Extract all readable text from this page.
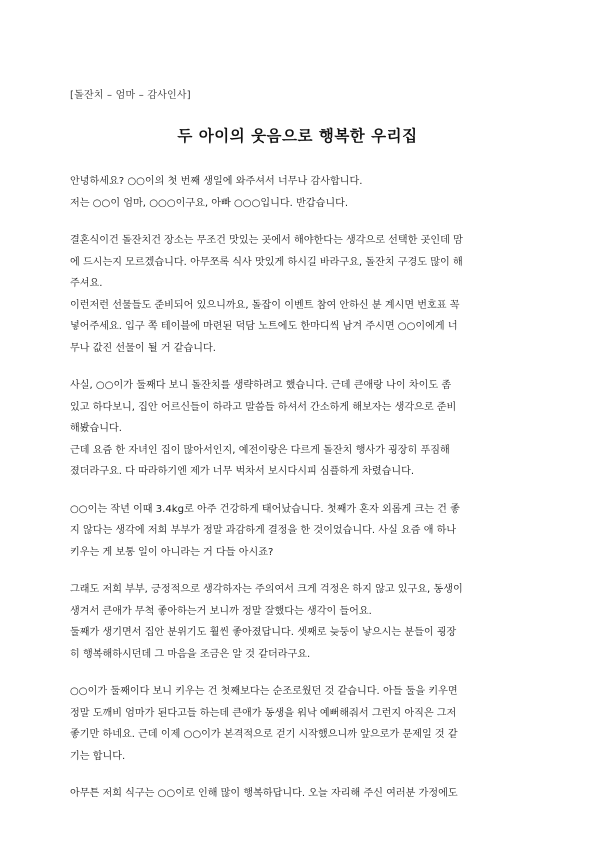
[돌잔치 – 엄마 – 감사인사]
두 아이의 웃음으로 행복한 우리집
안녕하세요? ○○이의 첫 번째 생일에 와주셔서 너무나 감사합니다.
저는 ○○이 엄마, ○○○이구요, 아빠 ○○○입니다. 반갑습니다.
결혼식이건 돌잔치건 장소는 무조건 맛있는 곳에서 해야한다는 생각으로 선택한 곳인데 맘
에 드시는지 모르겠습니다. 아무쪼록 식사 맛있게 하시길 바라구요, 돌잔치 구경도 많이 해
주셔요.
이런저런 선물들도 준비되어 있으니까요, 돌잡이 이벤트 참여 안하신 분 계시면 번호표 꼭
넣어주세요. 입구 쪽 테이블에 마련된 덕담 노트에도 한마디씩 남겨 주시면 ○○이에게 너
무나 값진 선물이 될 거 같습니다.
사실, ○○이가 둘째다 보니 돌잔치를 생략하려고 했습니다. 근데 큰애랑 나이 차이도 좀
있고 하다보니, 집안 어르신들이 하라고 말씀들 하셔서 간소하게 해보자는 생각으로 준비
해봤습니다.
근데 요즘 한 자녀인 집이 많아서인지, 예전이랑은 다르게 돌잔치 행사가 굉장히 푸짐해
졌더라구요. 다 따라하기엔 제가 너무 벅차서 보시다시피 심플하게 차렸습니다.
○○이는 작년 이때 3.4kg로 아주 건강하게 태어났습니다. 첫째가 혼자 외롭게 크는 건 좋
지 않다는 생각에 저희 부부가 정말 과감하게 결정을 한 것이었습니다. 사실 요즘 애 하나
키우는 게 보통 일이 아니라는 거 다들 아시죠?
그래도 저희 부부, 긍정적으로 생각하자는 주의여서 크게 걱정은 하지 않고 있구요, 동생이
생겨서 큰애가 무척 좋아하는거 보니까 정말 잘했다는 생각이 들어요.
둘째가 생기면서 집안 분위기도 훨씬 좋아졌답니다. 셋째로 늦둥이 낳으시는 분들이 굉장
히 행복해하시던데 그 마음을 조금은 알 것 같더라구요.
○○이가 둘째이다 보니 키우는 건 첫째보다는 순조로웠던 것 같습니다. 아들 둘을 키우면
정말 도깨비 엄마가 된다고들 하는데 큰애가 동생을 워낙 예뻐해줘서 그런지 아직은 그저
좋기만 하네요. 근데 이제 ○○이가 본격적으로 걷기 시작했으니까 앞으로가 문제일 것 같
기는 합니다.
아무튼 저희 식구는 ○○이로 인해 많이 행복하답니다. 오늘 자리해 주신 여러분 가정에도
